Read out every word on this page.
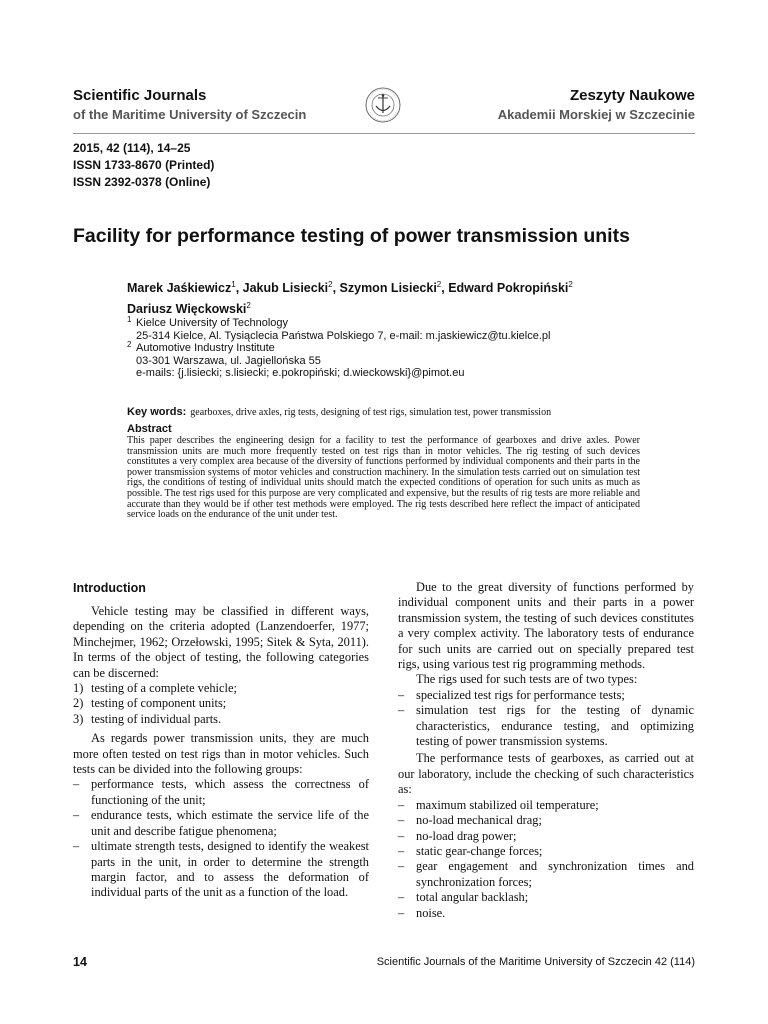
Scientific Journals
of the Maritime University of Szczecin
Zeszyty Naukowe
Akademii Morskiej w Szczecinie
2015, 42 (114), 14–25
ISSN 1733-8670 (Printed)
ISSN 2392-0378 (Online)
Facility for performance testing of power transmission units
Marek Jaśkiewicz$^1$, Jakub Lisiecki$^2$, Szymon Lisiecki$^2$, Edward Pokropiński$^2$
Dariusz Więckowski$^2$
1 Kielce University of Technology
25-314 Kielce, Al. Tysiąclecia Państwa Polskiego 7, e-mail: m.jaskiewicz@tu.kielce.pl
2 Automotive Industry Institute
03-301 Warszawa, ul. Jagiellońska 55
e-mails: {j.lisiecki; s.lisiecki; e.pokropiński; d.wieckowski}@pimot.eu
Key words: gearboxes, drive axles, rig tests, designing of test rigs, simulation test, power transmission
Abstract

This paper describes the engineering design for a facility to test the performance of gearboxes and drive axles. Power transmission units are much more frequently tested on test rigs than in motor vehicles. The rig testing of such devices constitutes a very complex area because of the diversity of functions performed by individual components and their parts in the power transmission systems of motor vehicles and construction machinery. In the simulation tests carried out on simulation test rigs, the conditions of testing of individual units should match the expected conditions of operation for such units as much as possible. The test rigs used for this purpose are very complicated and expensive, but the results of rig tests are more reliable and accurate than they would be if other test methods were employed. The rig tests described here reflect the impact of anticipated service loads on the endurance of the unit under test.

Introduction

Vehicle testing may be classified in different ways, depending on the criteria adopted (Lanzendoerfer, 1977; Minchejmer, 1962; Orzełowski, 1995; Sitek & Syta, 2011). In terms of the object of testing, the following categories can be discerned:

1) testing of a complete vehicle;
2) testing of component units;
3) testing of individual parts.

As regards power transmission units, they are much more often tested on test rigs than in motor vehicles. Such tests can be divided into the following groups:

– performance tests, which assess the correctness of functioning of the unit;
– endurance tests, which estimate the service life of the unit and describe fatigue phenomena;
– ultimate strength tests, designed to identify the weakest parts in the unit, in order to determine the strength margin factor, and to assess the deformation of individual parts of the unit as a function of the load.

Due to the great diversity of functions performed by individual component units and their parts in a power transmission system, the testing of such devices constitutes a very complex activity. The laboratory tests of endurance for such units are carried out on specially prepared test rigs, using various test rig programming methods.

The rigs used for such tests are of two types:

– specialized test rigs for performance tests;
– simulation test rigs for the testing of dynamic characteristics, endurance testing, and optimizing testing of power transmission systems.

The performance tests of gearboxes, as carried out at our laboratory, include the checking of such characteristics as:

– maximum stabilized oil temperature;
– no-load mechanical drag;
– no-load drag power;
– static gear-change forces;
– gear engagement and synchronization times and synchronization forces;
– total angular backlash;
– noise.
14	Scientific Journals of the Maritime University of Szczecin 42 (114)
